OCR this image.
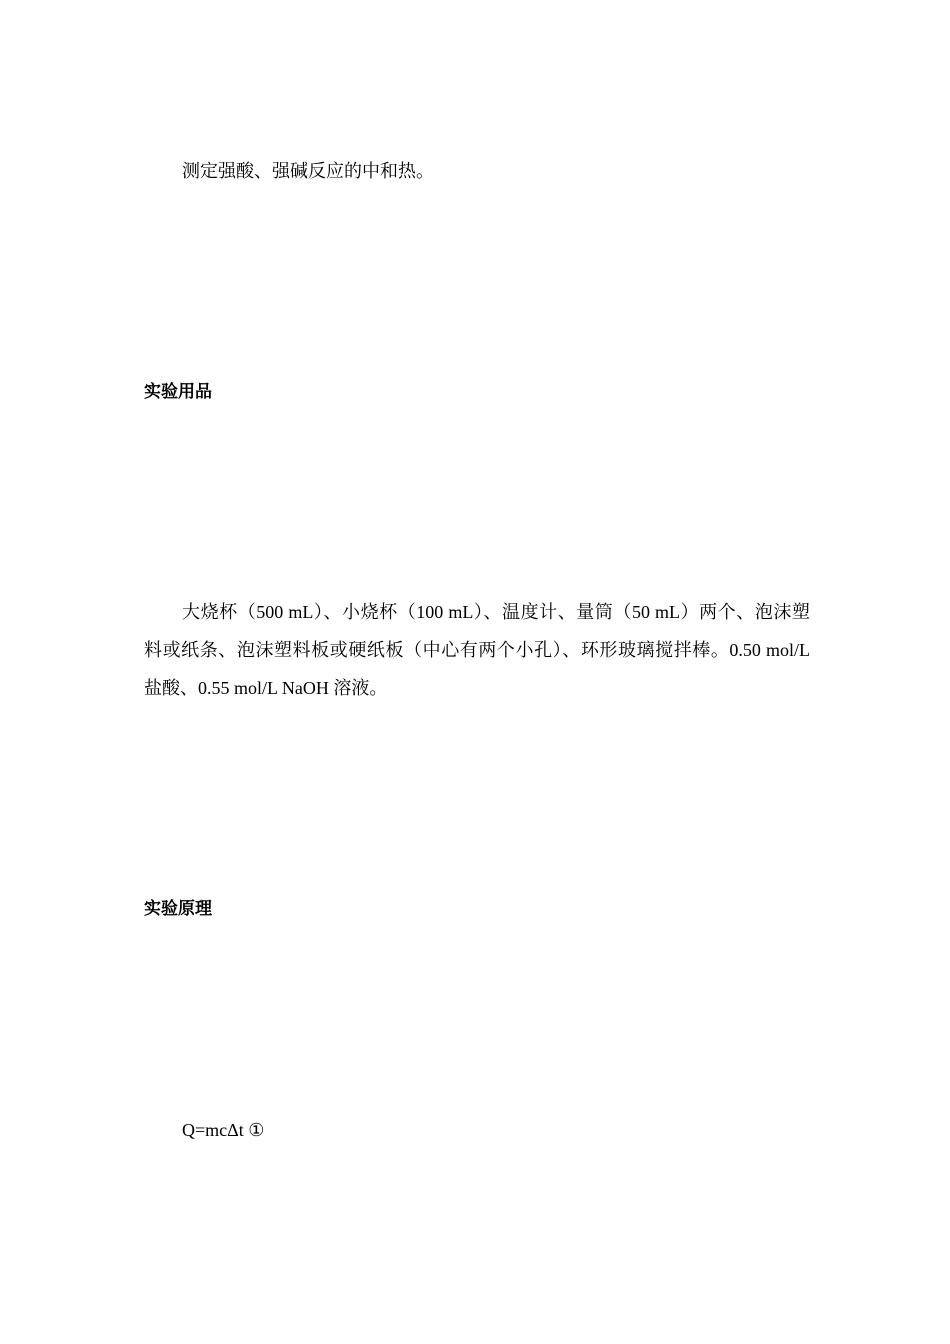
测定强酸、强碱反应的中和热。

实验用品

大烧杯（500 mL）、小烧杯（100 mL）、温度计、量筒（50 mL）两个、泡沫塑料或纸条、泡沫塑料板或硬纸板（中心有两个小孔）、环形玻璃搅拌棒。0.50 mol/L 盐酸、0.55 mol/L NaOH 溶液。

实验原理

Q=mcΔt ①
